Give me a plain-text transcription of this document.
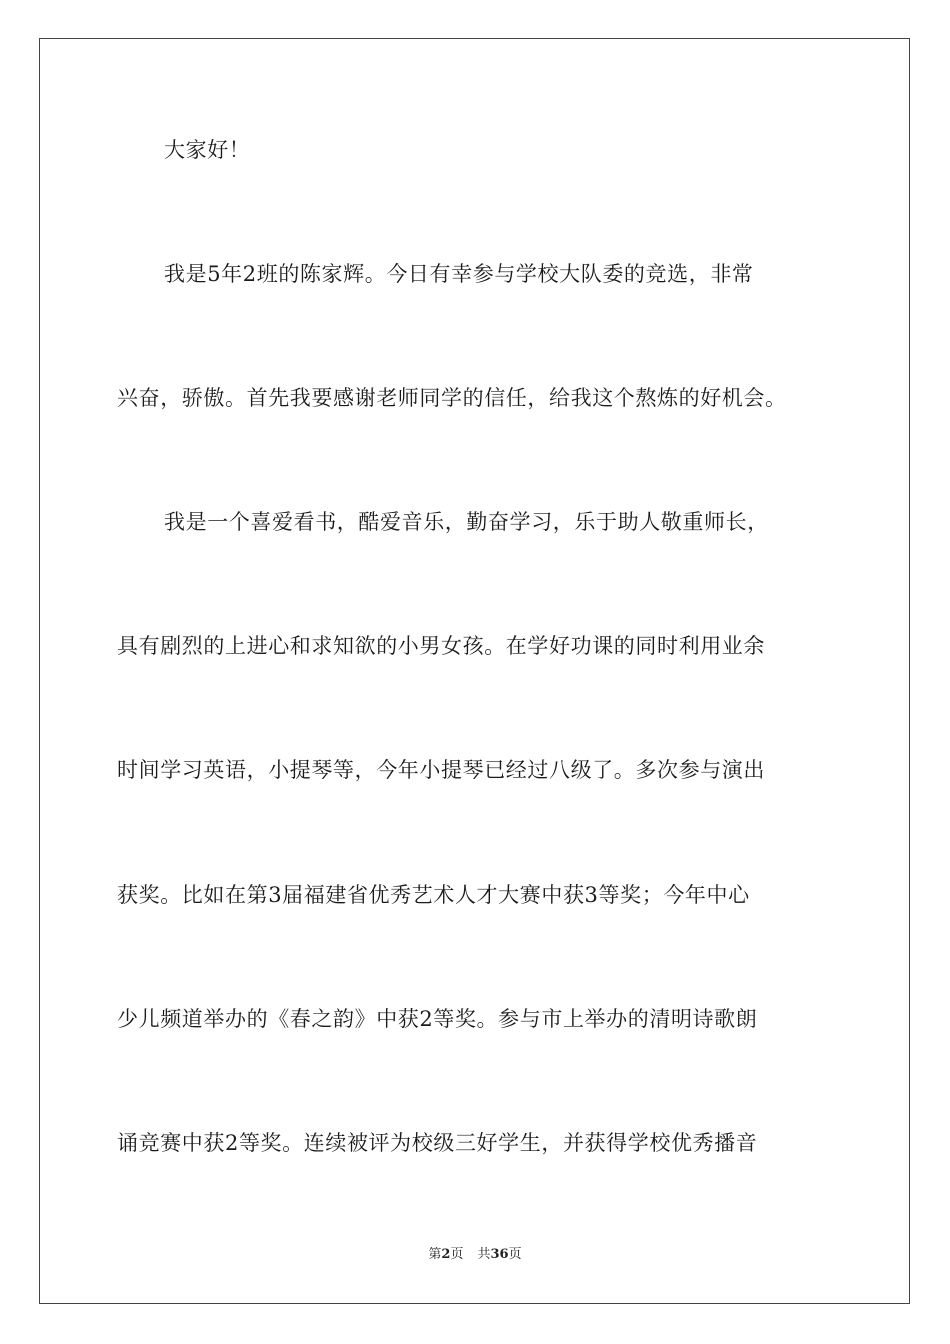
大家好！
我是5年2班的陈家辉。今日有幸参与学校大队委的竞选，非常
兴奋，骄傲。首先我要感谢老师同学的信任，给我这个熬炼的好机会。
我是一个喜爱看书，酷爱音乐，勤奋学习，乐于助人敬重师长，
具有剧烈的上进心和求知欲的小男女孩。在学好功课的同时利用业余
时间学习英语，小提琴等，今年小提琴已经过八级了。多次参与演出
获奖。比如在第3届福建省优秀艺术人才大赛中获3等奖；今年中心
少儿频道举办的《春之韵》中获2等奖。参与市上举办的清明诗歌朗
诵竞赛中获2等奖。连续被评为校级三好学生，并获得学校优秀播音
第2页 共36页
